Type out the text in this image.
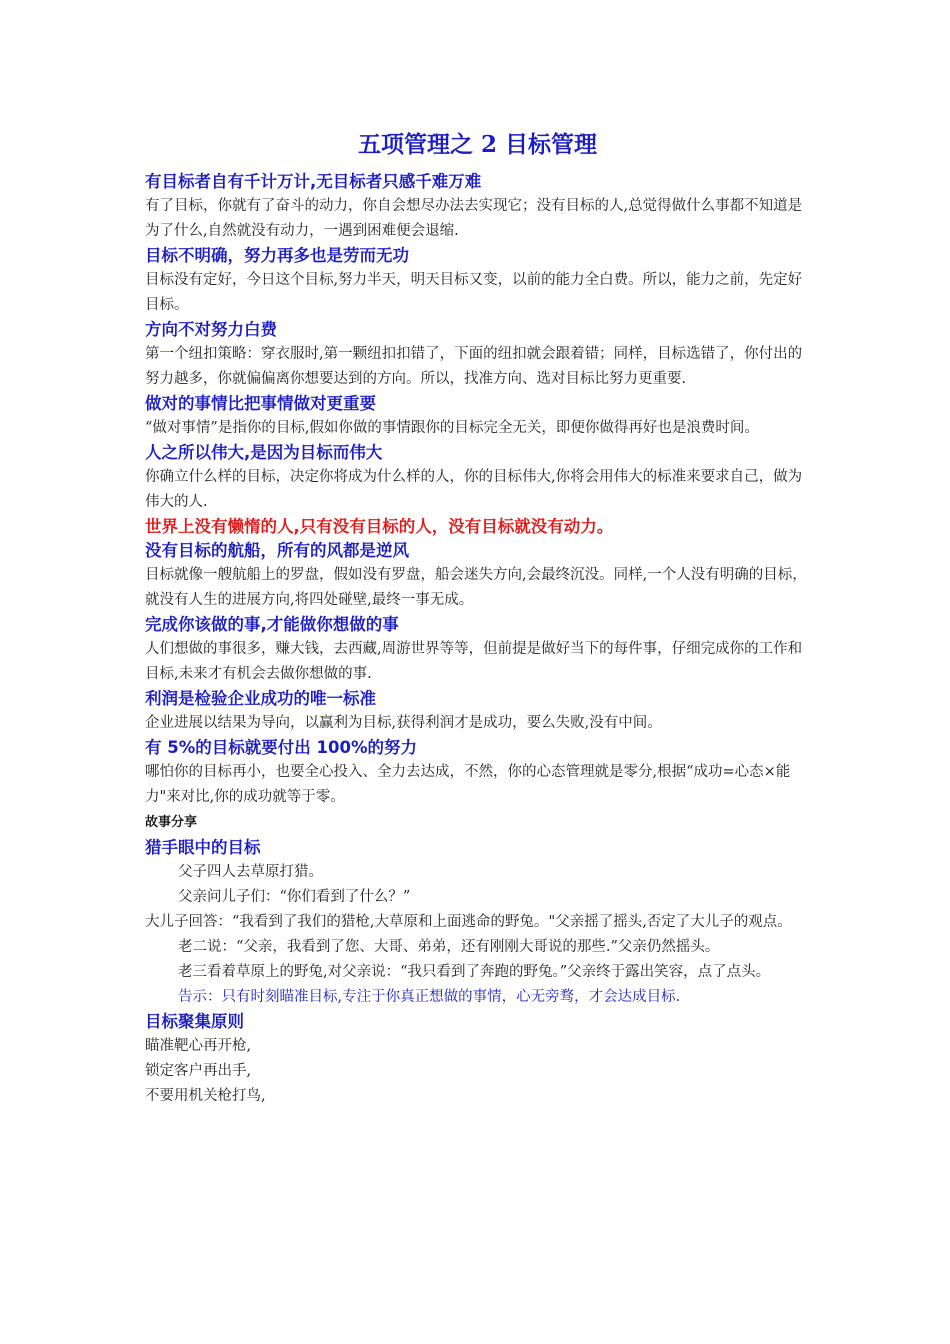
五项管理之 2 目标管理

有目标者自有千计万计,无目标者只感千难万难

有了目标，你就有了奋斗的动力，你自会想尽办法去实现它；没有目标的人,总觉得做什么事都不知道是为了什么,自然就没有动力，一遇到困难便会退缩.

目标不明确，努力再多也是劳而无功

目标没有定好，今日这个目标,努力半天，明天目标又变，以前的能力全白费。所以，能力之前，先定好目标。

方向不对努力白费

第一个纽扣策略：穿衣服时,第一颗纽扣扣错了，下面的纽扣就会跟着错；同样，目标选错了，你付出的努力越多，你就偏偏离你想要达到的方向。所以，找准方向、选对目标比努力更重要.

做对的事情比把事情做对更重要

“做对事情”是指你的目标,假如你做的事情跟你的目标完全无关，即便你做得再好也是浪费时间。

人之所以伟大,是因为目标而伟大

你确立什么样的目标，决定你将成为什么样的人，你的目标伟大,你将会用伟大的标准来要求自己，做为伟大的人.

世界上没有懒惰的人,只有没有目标的人，没有目标就没有动力。

没有目标的航船，所有的风都是逆风

目标就像一艘航船上的罗盘，假如没有罗盘，船会迷失方向,会最终沉没。同样,一个人没有明确的目标，就没有人生的进展方向,将四处碰壁,最终一事无成。

完成你该做的事,才能做你想做的事

人们想做的事很多，赚大钱，去西藏,周游世界等等，但前提是做好当下的每件事，仔细完成你的工作和目标,未来才有机会去做你想做的事.

利润是检验企业成功的唯一标准

企业进展以结果为导向，以赢利为目标,获得利润才是成功，要么失败,没有中间。

有 5%的目标就要付出 100%的努力

哪怕你的目标再小，也要全心投入、全力去达成，不然，你的心态管理就是零分,根据“成功=心态×能力"来对比,你的成功就等于零。

故事分享

猎手眼中的目标

父子四人去草原打猎。

父亲问儿子们：“你们看到了什么？”

大儿子回答：“我看到了我们的猎枪,大草原和上面逃命的野兔。"父亲摇了摇头,否定了大儿子的观点。

老二说：“父亲，我看到了您、大哥、弟弟，还有刚刚大哥说的那些.”父亲仍然摇头。

老三看着草原上的野兔,对父亲说：“我只看到了奔跑的野兔。”父亲终于露出笑容，点了点头。

告示：只有时刻瞄准目标,专注于你真正想做的事情，心无旁骛，才会达成目标.

目标聚集原则

瞄准靶心再开枪,

锁定客户再出手,

不要用机关枪打鸟,
